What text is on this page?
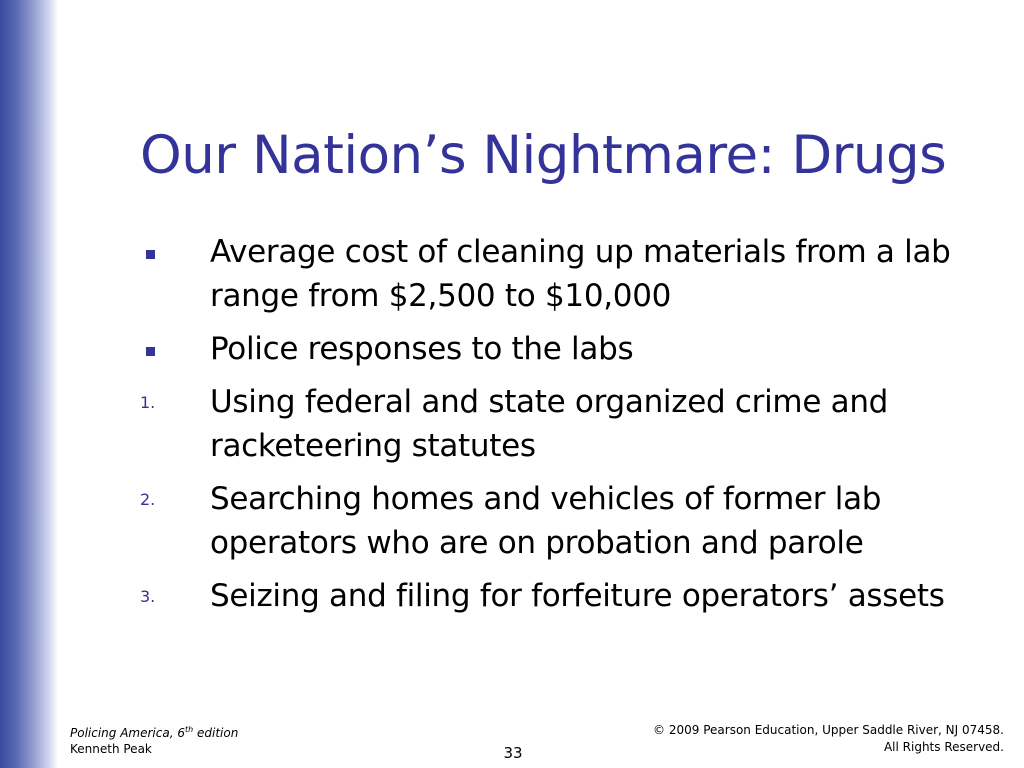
Our Nation’s Nightmare: Drugs
Average cost of cleaning up materials from a lab range from $2,500 to $10,000
Police responses to the labs
1.	Using federal and state organized crime and racketeering statutes
2.	Searching homes and vehicles of former lab operators who are on probation and parole
3.	Seizing and filing for forfeiture operators’ assets
Policing America, 6th edition
Kenneth Peak	33
© 2009 Pearson Education, Upper Saddle River, NJ 07458.
All Rights Reserved.
